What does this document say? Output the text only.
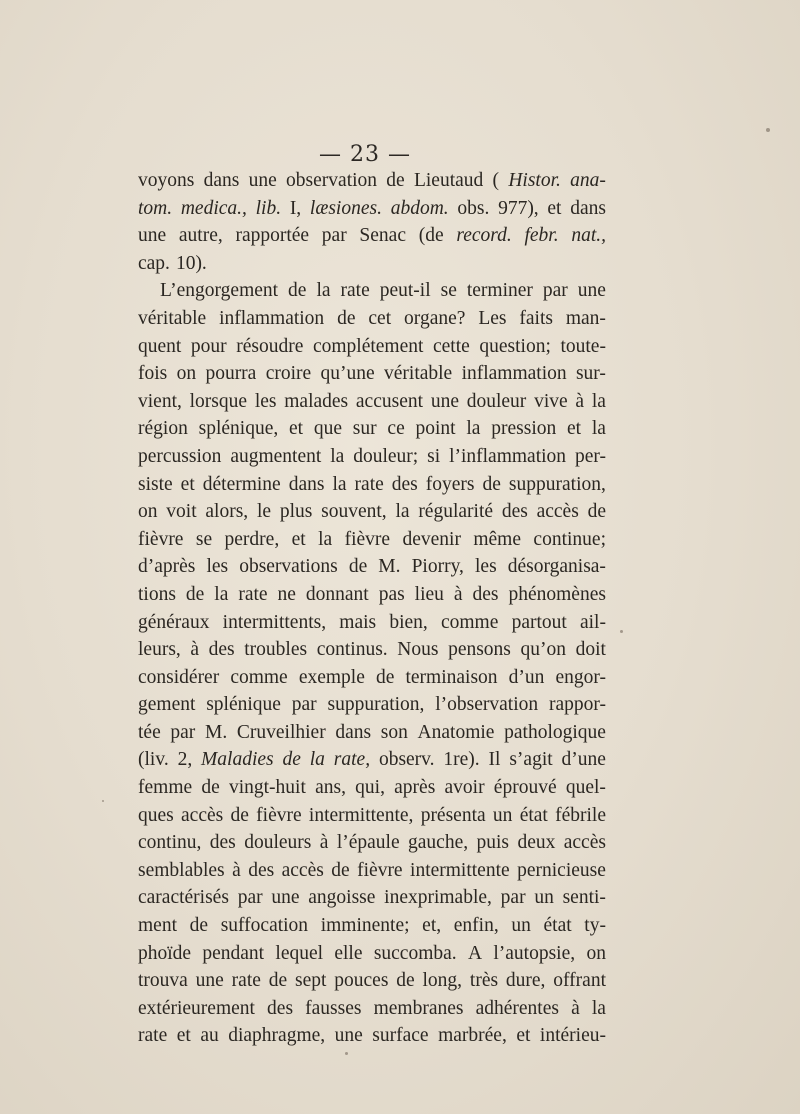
— 23 —
voyons dans une observation de Lieutaud ( Histor. ana-
tom. medica., lib. I, læsiones. abdom. obs. 977), et dans
une autre, rapportée par Senac (de record. febr. nat.,
cap. 10).
L’engorgement de la rate peut-il se terminer par une
véritable inflammation de cet organe? Les faits man-
quent pour résoudre complétement cette question; toute-
fois on pourra croire qu’une véritable inflammation sur-
vient, lorsque les malades accusent une douleur vive à la
région splénique, et que sur ce point la pression et la
percussion augmentent la douleur; si l’inflammation per-
siste et détermine dans la rate des foyers de suppuration,
on voit alors, le plus souvent, la régularité des accès de
fièvre se perdre, et la fièvre devenir même continue;
d’après les observations de M. Piorry, les désorganisa-
tions de la rate ne donnant pas lieu à des phénomènes
généraux intermittents, mais bien, comme partout ail-
leurs, à des troubles continus. Nous pensons qu’on doit
considérer comme exemple de terminaison d’un engor-
gement splénique par suppuration, l’observation rappor-
tée par M. Cruveilhier dans son Anatomie pathologique
(liv. 2, Maladies de la rate, observ. 1re). Il s’agit d’une
femme de vingt-huit ans, qui, après avoir éprouvé quel-
ques accès de fièvre intermittente, présenta un état fébrile
continu, des douleurs à l’épaule gauche, puis deux accès
semblables à des accès de fièvre intermittente pernicieuse
caractérisés par une angoisse inexprimable, par un senti-
ment de suffocation imminente; et, enfin, un état ty-
phoïde pendant lequel elle succomba. A l’autopsie, on
trouva une rate de sept pouces de long, très dure, offrant
extérieurement des fausses membranes adhérentes à la
rate et au diaphragme, une surface marbrée, et intérieu-
